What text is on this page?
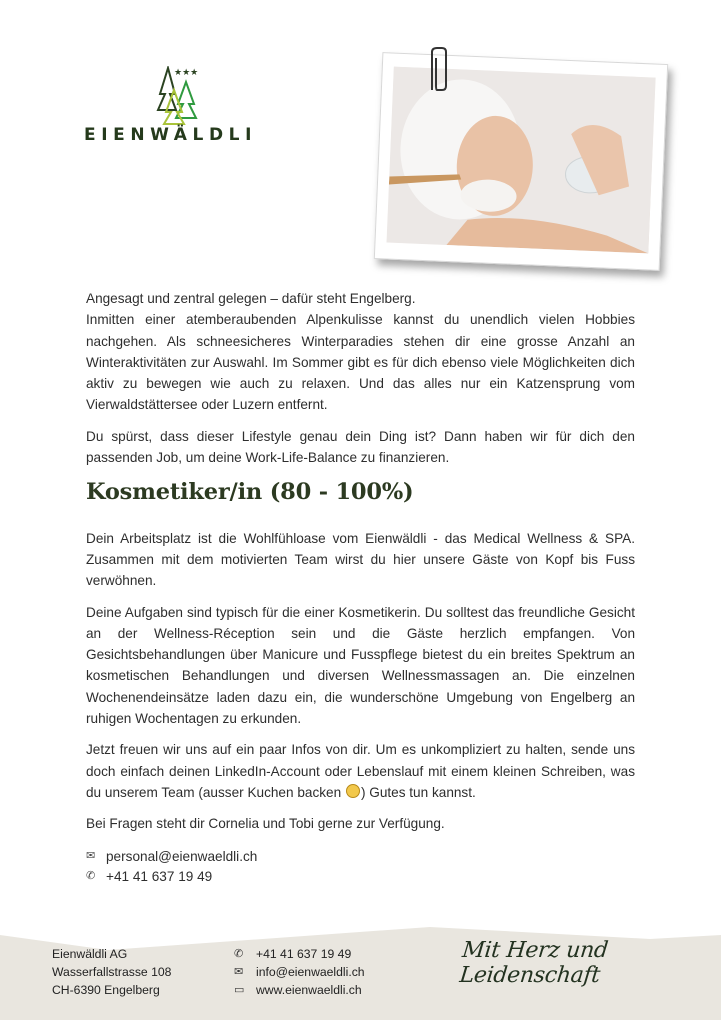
★★★
EIENWÄLDLI

Angesagt und zentral gelegen – dafür steht Engelberg.

Inmitten einer atemberaubenden Alpenkulisse kannst du unendlich vielen Hobbies nachgehen. Als schneesicheres Winterparadies stehen dir eine grosse Anzahl an Winteraktivitäten zur Auswahl. Im Sommer gibt es für dich ebenso viele Möglichkeiten dich aktiv zu bewegen wie auch zu relaxen. Und das alles nur ein Katzensprung vom Vierwaldstättersee oder Luzern entfernt.

Du spürst, dass dieser Lifestyle genau dein Ding ist? Dann haben wir für dich den passenden Job, um deine Work-Life-Balance zu finanzieren.

Kosmetiker/in (80 - 100%)

Dein Arbeitsplatz ist die Wohlfühloase vom Eienwäldli - das Medical Wellness & SPA. Zusammen mit dem motivierten Team wirst du hier unsere Gäste von Kopf bis Fuss verwöhnen.

Deine Aufgaben sind typisch für die einer Kosmetikerin. Du solltest das freundliche Gesicht an der Wellness-Réception sein und die Gäste herzlich empfangen. Von Gesichtsbehandlungen über Manicure und Fusspflege bietest du ein breites Spektrum an kosmetischen Behandlungen und diversen Wellnessmassagen an. Die einzelnen Wochenendeinsätze laden dazu ein, die wunderschöne Umgebung von Engelberg an ruhigen Wochentagen zu erkunden.

Jetzt freuen wir uns auf ein paar Infos von dir. Um es unkompliziert zu halten, sende uns doch einfach deinen LinkedIn-Account oder Lebenslauf mit einem kleinen Schreiben, was du unserem Team (ausser Kuchen backen ) Gutes tun kannst.

Bei Fragen steht dir Cornelia und Tobi gerne zur Verfügung.

✉ personal@eienwaeldli.ch
✆ +41 41 637 19 49
Eienwäldli AG
Wasserfallstrasse 108
CH-6390 Engelberg
✆	+41 41 637 19 49
✉	info@eienwaeldli.ch
▭ www.eienwaeldli.ch
Mit Herz und Leidenschaft
